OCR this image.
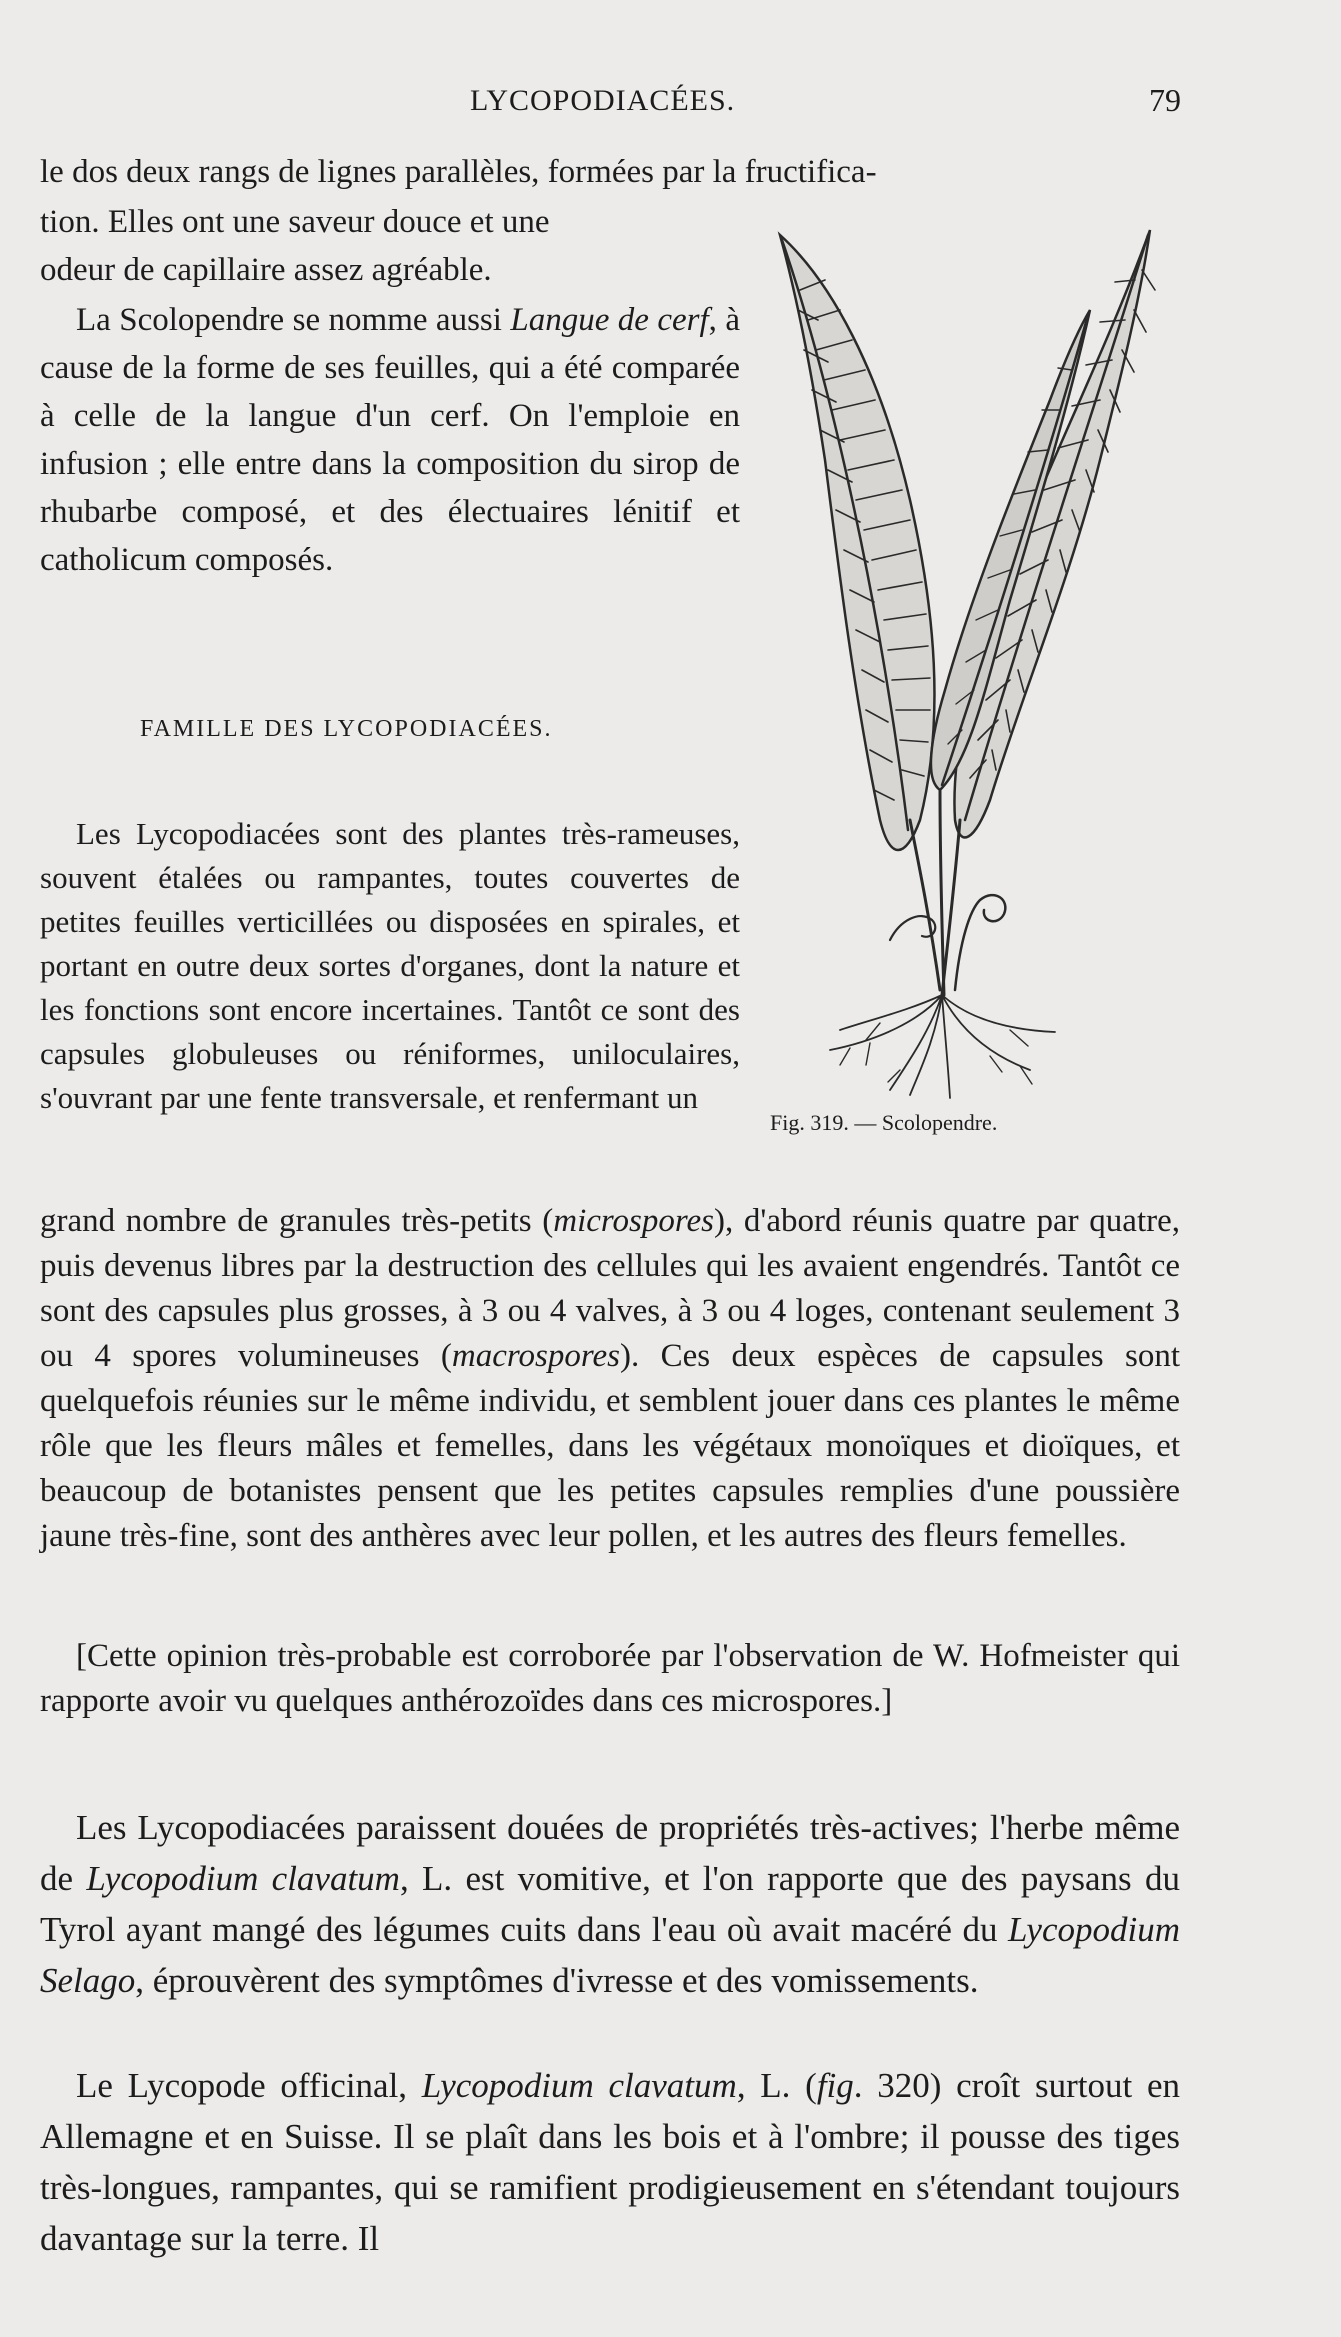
LYCOPODIACÉES.	79

le dos deux rangs de lignes parallèles, formées par la fructifica-

tion. Elles ont une saveur douce et une

odeur de capillaire assez agréable.

La Scolopendre se nomme aussi Langue de cerf, à cause de la forme de ses feuilles, qui a été comparée à celle de la langue d'un cerf. On l'emploie en infusion ; elle entre dans la composition du sirop de rhubarbe composé, et des électuaires lénitif et catholicum composés.

FAMILLE DES LYCOPODIACÉES.

Les Lycopodiacées sont des plantes très-rameuses, souvent étalées ou rampantes, toutes couvertes de petites feuilles verticillées ou disposées en spirales, et portant en outre deux sortes d'organes, dont la nature et les fonctions sont encore incertaines. Tantôt ce sont des capsules globuleuses ou réniformes, uniloculaires, s'ouvrant par une fente transversale, et renfermant un

grand nombre de granules très-petits (microspores), d'abord réunis quatre par quatre, puis devenus libres par la destruction des cellules qui les avaient engendrés. Tantôt ce sont des capsules plus grosses, à 3 ou 4 valves, à 3 ou 4 loges, contenant seulement 3 ou 4 spores volumineuses (macrospores). Ces deux espèces de capsules sont quelquefois réunies sur le même individu, et semblent jouer dans ces plantes le même rôle que les fleurs mâles et femelles, dans les végétaux monoïques et dioïques, et beaucoup de botanistes pensent que les petites capsules remplies d'une poussière jaune très-fine, sont des anthères avec leur pollen, et les autres des fleurs femelles.

[Cette opinion très-probable est corroborée par l'observation de W. Hofmeister qui rapporte avoir vu quelques anthérozoïdes dans ces microspores.]

Les Lycopodiacées paraissent douées de propriétés très-actives; l'herbe même de Lycopodium clavatum, L. est vomitive, et l'on rapporte que des paysans du Tyrol ayant mangé des légumes cuits dans l'eau où avait macéré du Lycopodium Selago, éprouvèrent des symptômes d'ivresse et des vomissements.

Le Lycopode officinal, Lycopodium clavatum, L. (fig. 320) croît surtout en Allemagne et en Suisse. Il se plaît dans les bois et à l'ombre; il pousse des tiges très-longues, rampantes, qui se ramifient prodigieusement en s'étendant toujours davantage sur la terre. Il

Fig. 319. — Scolopendre.
